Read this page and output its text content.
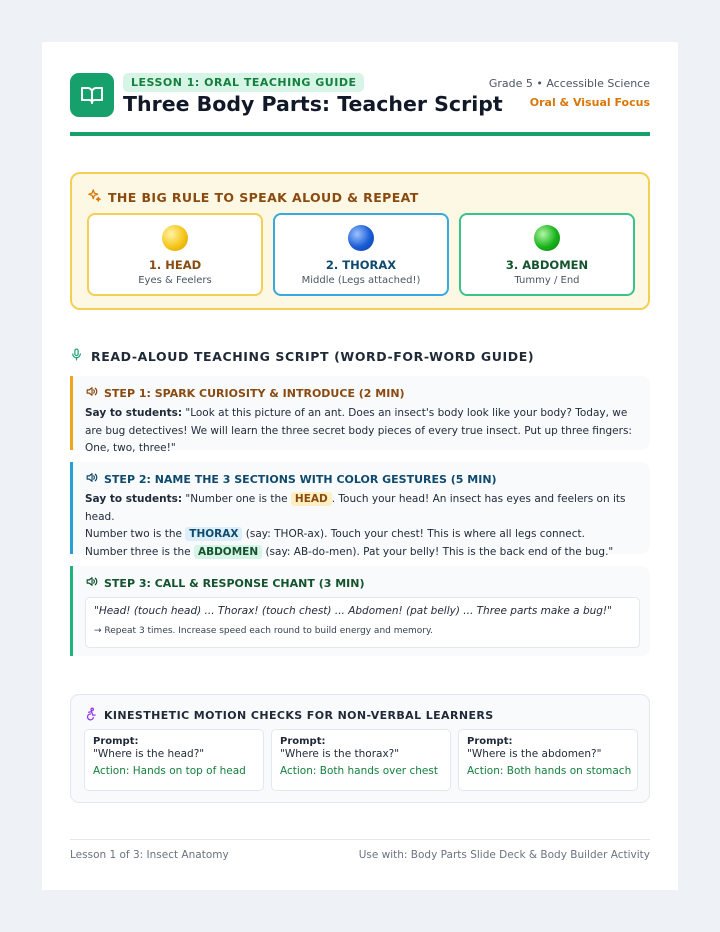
LESSON 1: ORAL TEACHING GUIDE
Three Body Parts: Teacher Script
Grade 5 • Accessible Science
Oral & Visual Focus
THE BIG RULE TO SPEAK ALOUD & REPEAT
1. HEAD
Eyes & Feelers
2. THORAX
Middle (Legs attached!)
3. ABDOMEN
Tummy / End
READ-ALOUD TEACHING SCRIPT (WORD-FOR-WORD GUIDE)
STEP 1: SPARK CURIOSITY & INTRODUCE (2 MIN)
Say to students: "Look at this picture of an ant. Does an insect's body look like your body? Today, we are bug detectives! We will learn the three secret body pieces of every true insect. Put up three fingers: One, two, three!"
STEP 2: NAME THE 3 SECTIONS WITH COLOR GESTURES (5 MIN)
Say to students: "Number one is the HEAD . Touch your head! An insect has eyes and feelers on its head.
Number two is the THORAX (say: THOR-ax). Touch your chest! This is where all legs connect.
Number three is the ABDOMEN (say: AB-do-men). Pat your belly! This is the back end of the bug."
STEP 3: CALL & RESPONSE CHANT (3 MIN)
"Head! (touch head) ... Thorax! (touch chest) ... Abdomen! (pat belly) ... Three parts make a bug!"
→ Repeat 3 times. Increase speed each round to build energy and memory.
KINESTHETIC MOTION CHECKS FOR NON-VERBAL LEARNERS
Prompt:
"Where is the head?"
Action: Hands on top of head
Prompt:
"Where is the thorax?"
Action: Both hands over chest
Prompt:
"Where is the abdomen?"
Action: Both hands on stomach
Lesson 1 of 3: Insect Anatomy	Use with: Body Parts Slide Deck & Body Builder Activity
